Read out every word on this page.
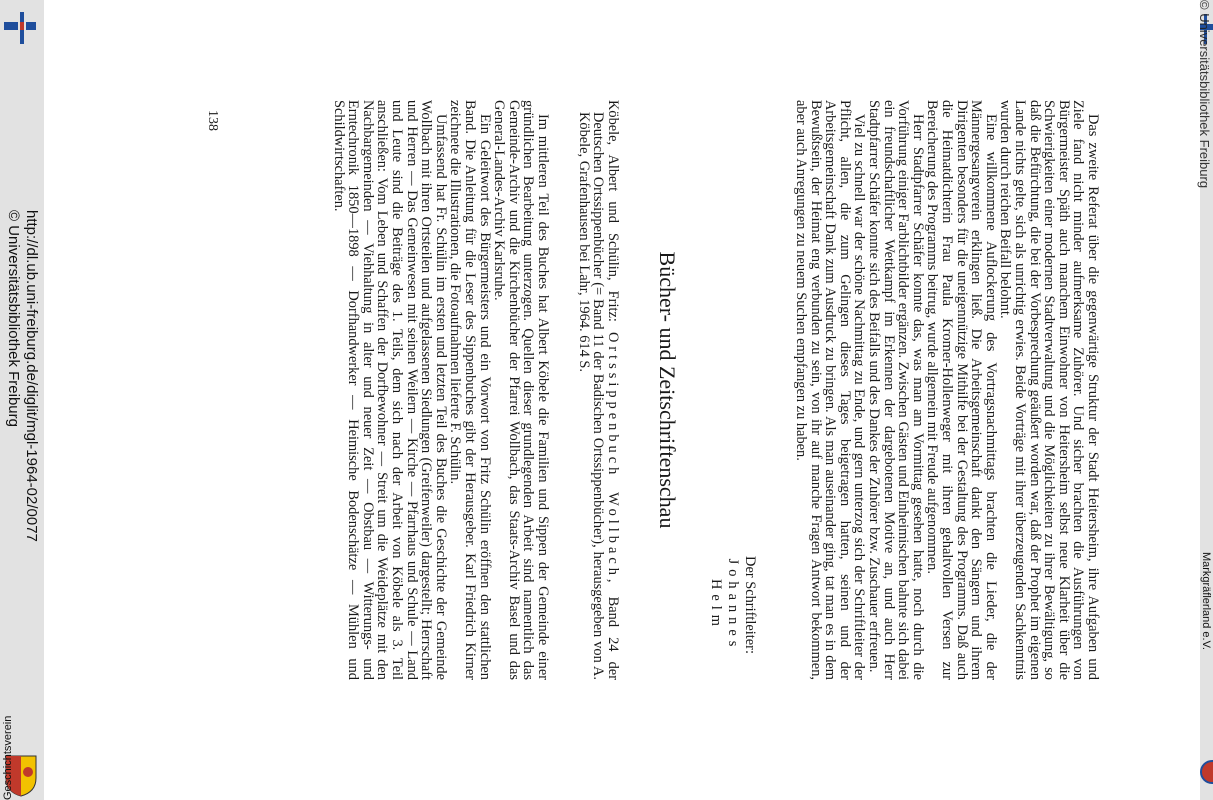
Geschichtsverein
Markgräflerland e.V.
http://dl.ub.uni-freiburg.de/diglit/mgl-1964-02/0077
© Universitätsbibliothek Freiburg
© Universitätsbibliothek Freiburg

Das zweite Referat über die gegenwärtige Struktur der Stadt Heitersheim, ihre Aufgaben und Ziele fand nicht minder aufmerksame Zuhörer. Und sicher brachten die Ausführungen von Bürgermeister Späth auch manchem Einwohner von Heitersheim selbst neue Klarheit über die Schwierigkeiten einer modernen Stadtverwaltung und die Möglichkeiten zu ihrer Bewältigung, so daß die Befürchtung, die bei der Vorbesprechung geäußert worden war, daß der Prophet im eigenen Lande nichts gelte, sich als unrichtig erwies. Beide Vorträge mit ihrer überzeugenden Sachkenntnis wurden durch reichen Beifall belohnt.

Eine willkommene Auflockerung des Vortragsnachmittags brachten die Lieder, die der Männergesangverein erklingen ließ. Die Arbeitsgemeinschaft dankt den Sängern und ihrem Dirigenten besonders für die uneigennützige Mithilfe bei der Gestaltung des Programms. Daß auch die Heimatdichterin Frau Paula Kromer-Hollenweger mit ihren gehaltvollen Versen zur Bereicherung des Programms beitrug, wurde allgemein mit Freude aufgenommen.

Herr Stadtpfarrer Schäfer konnte das, was man am Vormittag gesehen hatte, noch durch die Vorführung einiger Farblichtbilder ergänzen. Zwischen Gästen und Einheimischen bahnte sich dabei ein freundschaftlicher Wettkampf im Erkennen der dargebotenen Motive an, und auch Herr Stadtpfarrer Schäfer konnte sich des Beifalls und des Dankes der Zuhörer bzw. Zuschauer erfreuen.

Viel zu schnell war der schöne Nachmittag zu Ende, und gern unterzog sich der Schriftleiter der Pflicht, allen, die zum Gelingen dieses Tages beigetragen hatten, seinen und der Arbeitsgemeinschaft Dank zum Ausdruck zu bringen. Als man auseinander ging, tat man es in dem Bewußtsein, der Heimat eng verbunden zu sein, von ihr auf manche Fragen Antwort bekommen, aber auch Anregungen zu neuem Suchen empfangen zu haben.

Der Schriftleiter:
Johannes Helm
Bücher- und Zeitschriftenschau
Köbele, Albert und Schülin, Fritz: Ortssippenbuch Wollbach, Band 24 der Deutschen Ortssippenbücher (= Band 11 der Badischen Ortssippenbücher), herausgegeben von A. Köbele, Grafenhausen bei Lahr, 1964. 614 S.

Im mittleren Teil des Buches hat Albert Köbele die Familien und Sippen der Gemeinde einer gründlichen Bearbeitung unterzogen. Quellen dieser grundlegenden Arbeit sind namentlich das Gemeinde-Archiv und die Kirchenbücher der Pfarrei Wollbach, das Staats-Archiv Basel und das General-Landes-Archiv Karlsruhe.

Ein Geleitwort des Bürgermeisters und ein Vorwort von Fritz Schülin eröffnen den stattlichen Band. Die Anleitung für die Leser des Sippenbuches gibt der Herausgeber. Karl Friedrich Kirner zeichnete die Illustrationen, die Fotoaufnahmen lieferte F. Schülin.

Umfassend hat Fr. Schülin im ersten und letzten Teil des Buches die Geschichte der Gemeinde Wollbach mit ihren Ortsteilen und aufgelassenen Siedlungen (Greifenweiler) dargestellt; Herrschaft und Herren — Das Gemeinwesen mit seinen Weilern — Kirche — Pfarrhaus und Schule — Land und Leute sind die Beiträge des 1. Teils, dem sich nach der Arbeit von Köbele als 3. Teil anschließen: Vom Leben und Schaffen der Dorfbewohner — Streit um die Weideplätze mit den Nachbargemeinden — Viehhaltung in alter und neuer Zeit — Obstbau — Witterungs- und Erntechronik 1850—1898 — Dorfhandwerker — Heimische Bodenschätze — Mühlen und Schildwirtschaften.

138
